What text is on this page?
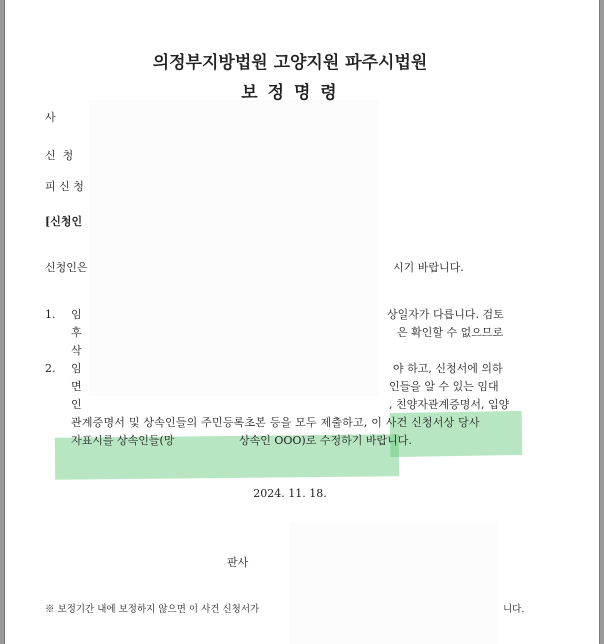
의정부지방법원 고양지원 파주시법원
보 정 명 령
사
신  청
피 신 청
[신청인
신청인은	시기 바랍니다.
1. 임	상일자가 다릅니다. 검토
후	은 확인할 수 없으므로
삭
2. 임	야 하고, 신청서에 의하
면	인들을 알 수 있는 임대
인	, 친양자관계증명서, 입양
관계증명서 및 상속인들의 주민등록초본 등을 모두 제출하고, 이 사건 신청서상 당사
자표시를 상속인들(망	상속인 OOO)로 수정하기 바랍니다.
2024. 11. 18.
판사
※ 보정기간 내에 보정하지 않으면 이 사건 신청서가	니다.
